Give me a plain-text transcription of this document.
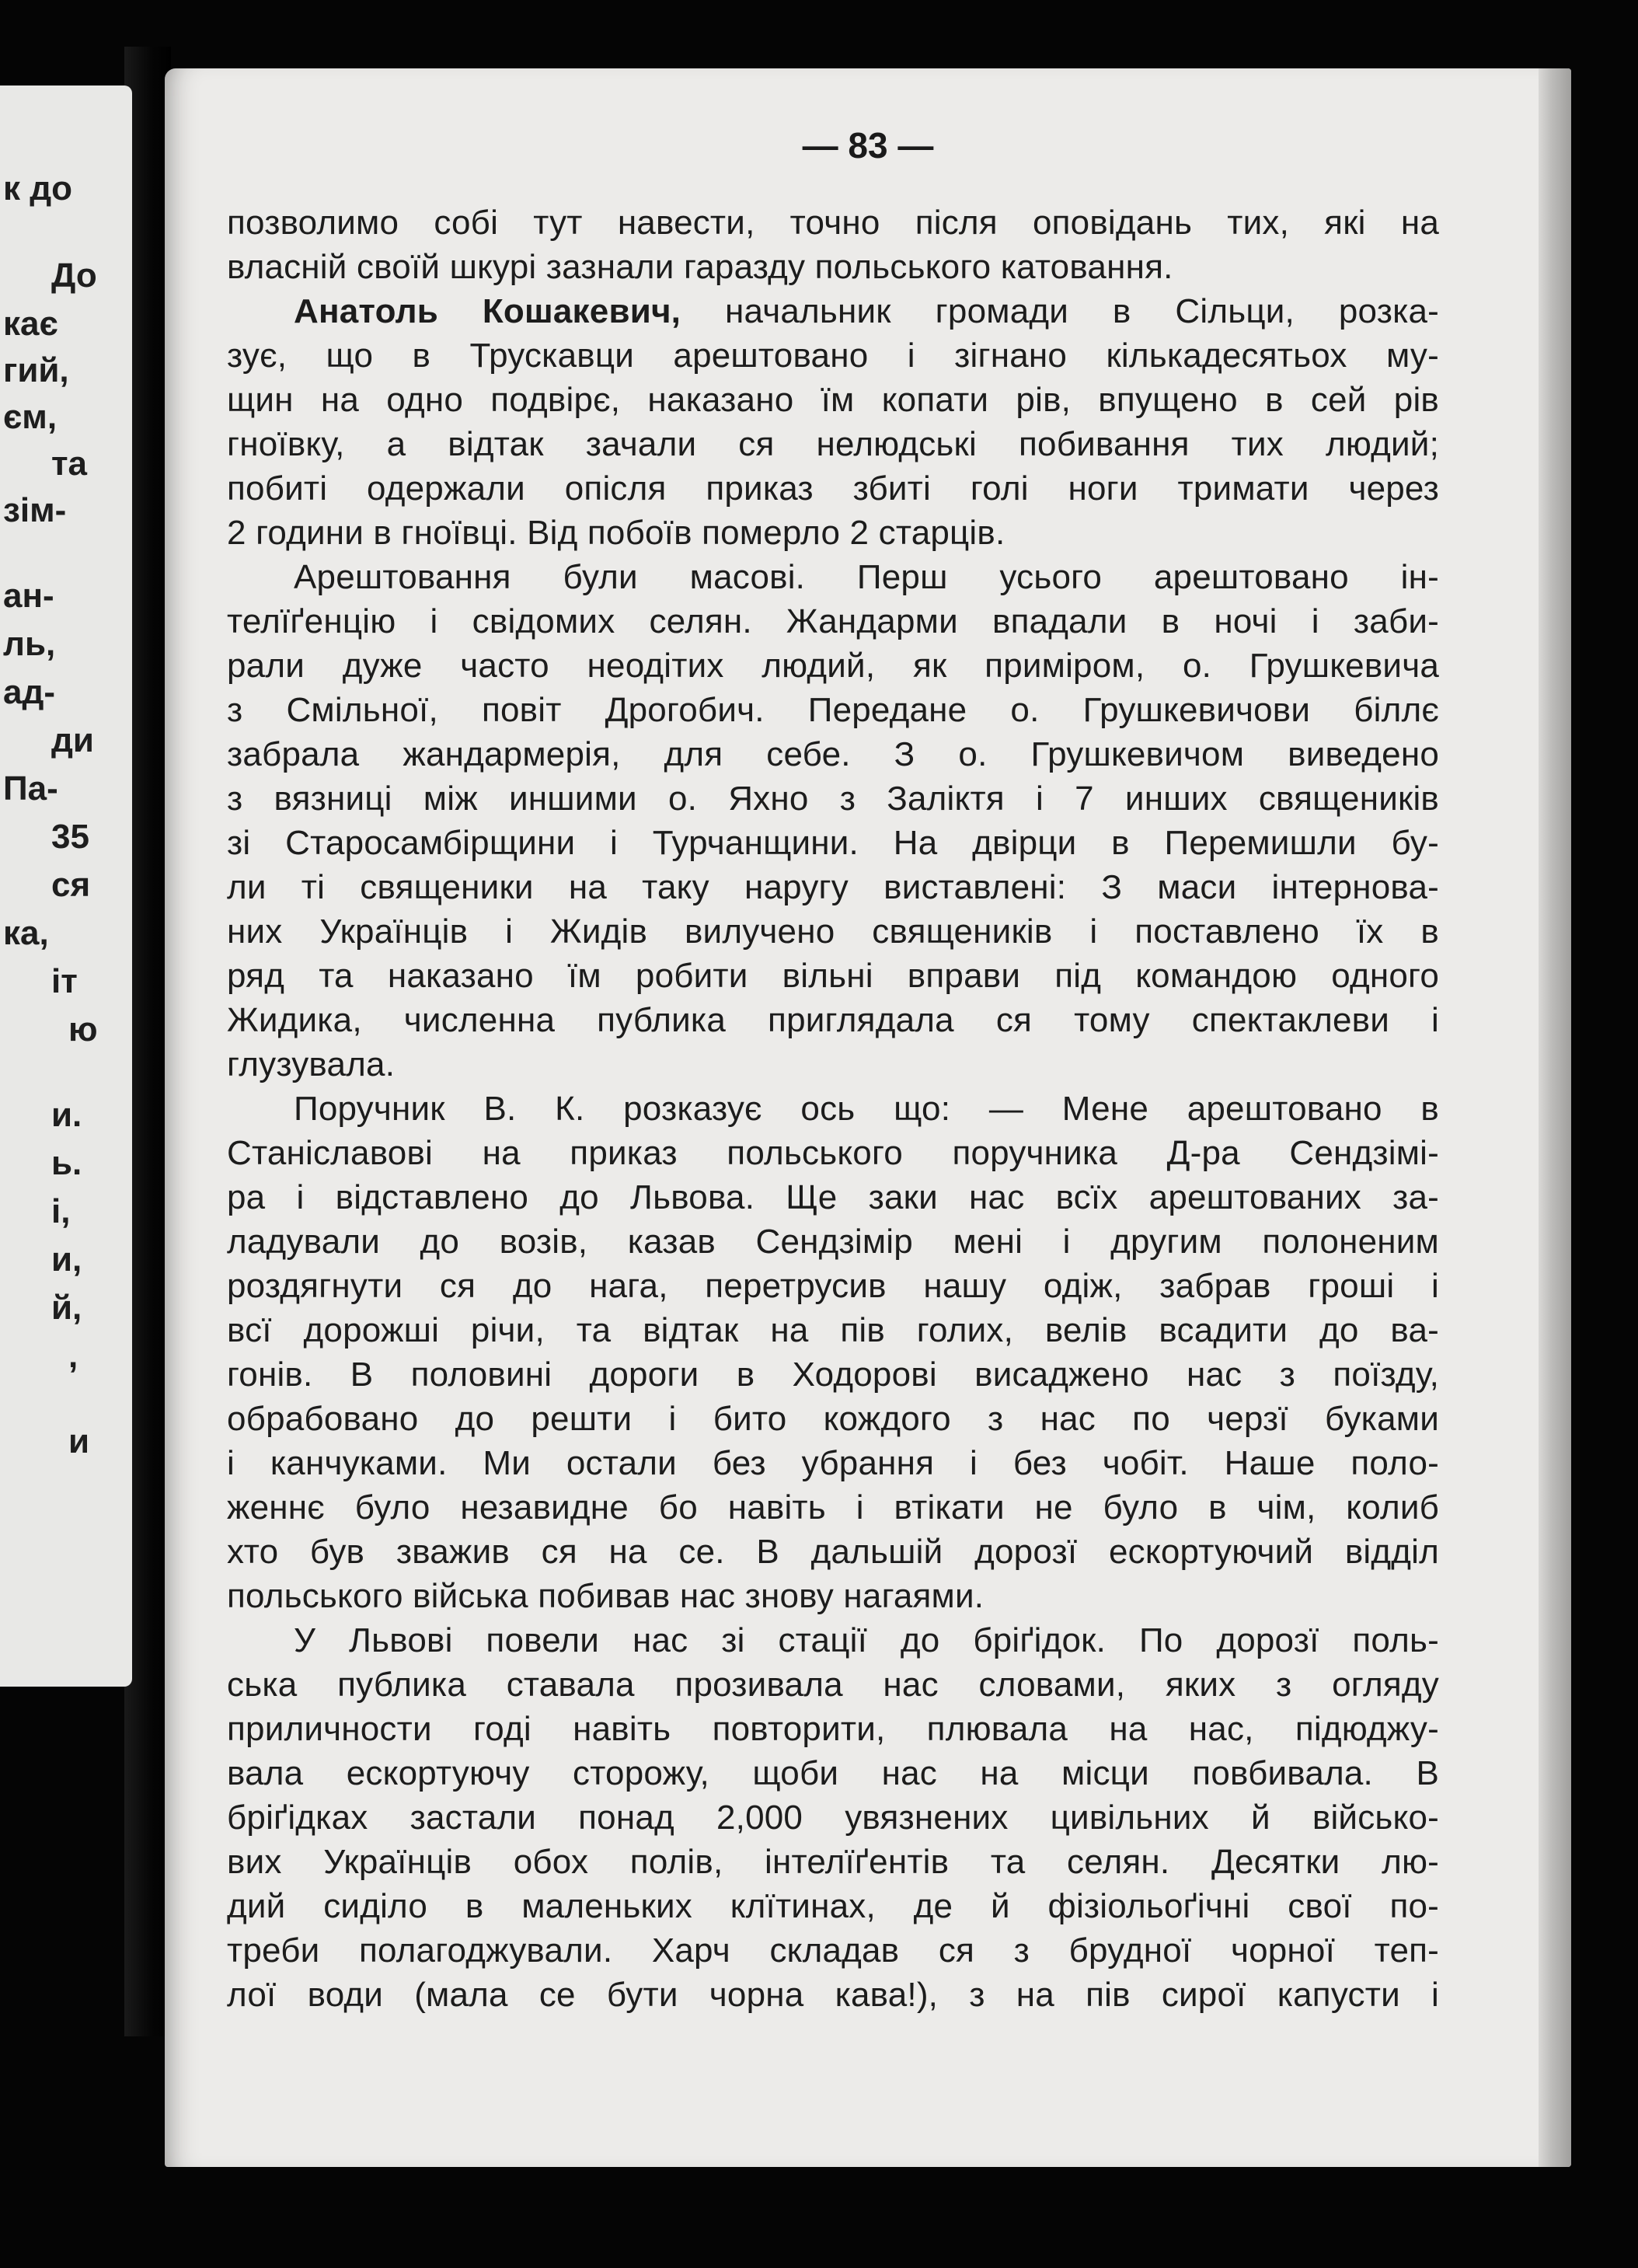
к до
До
кає
гий,
єм,
та
зім-
ан-
ль,
ад-
ди
Па-
35
ся
ка,
іт
ю
и.
ь.
і,
и,
й,
,
и
— 83 —
позволимо собі тут навести, точно після оповідань тих, які на
власній своїй шкурі зазнали гаразду польського катовання.
Анатоль Кошакевич, начальник громади в Сільци, розка-
зує, що в Трускавци арештовано і зігнано кількадесятьох му-
щин на одно подвірє, наказано їм копати рів, впущено в сей рів
гноївку, а відтак зачали ся нелюдські побивання тих людий;
побиті одержали опісля приказ збиті голі ноги тримати через
2 години в гноївці. Від побоїв померло 2 старців.
Арештовання були масові. Перш усього арештовано ін-
телїґенцію і свідомих селян. Жандарми впадали в ночі і заби-
рали дуже часто неодітих людий, як приміром, о. Грушкевича
з Смільної, повіт Дрогобич. Передане о. Грушкевичови біллє
забрала жандармерія, для себе. З о. Грушкевичом виведено
з вязниці між иншими о. Яхно з Заліктя і 7 инших священиків
зі Старосамбірщини і Турчанщини. На двірци в Перемишли бу-
ли ті священики на таку наругу виставлені: З маси інтернова-
них Українців і Жидів вилучено священиків і поставлено їх в
ряд та наказано їм робити вільні вправи під командою одного
Жидика, численна публика приглядала ся тому спектаклеви і
глузувала.
Поручник В. К. розказує ось що: — Мене арештовано в
Станіславові на приказ польського поручника Д-ра Сендзімі-
ра і відставлено до Львова. Ще заки нас всїх арештованих за-
ладували до возів, казав Сендзімір мені і другим полоненим
роздягнути ся до нага, перетрусив нашу одіж, забрав гроші і
всї дорожші річи, та відтак на пів голих, велів всадити до ва-
гонів. В половині дороги в Ходорові висаджено нас з поїзду,
обрабовано до решти і бито кождого з нас по черзї буками
і канчуками. Ми остали без убрання і без чобіт. Наше поло-
женнє було незавидне бо навіть і втікати не було в чім, колиб
хто був зважив ся на се. В дальшій дорозї ескортуючий відділ
польського війська побивав нас знову нагаями.
У Львові повели нас зі стації до бріґідок. По дорозї поль-
ська публика ставала прозивала нас словами, яких з огляду
приличности годі навіть повторити, плювала на нас, підюджу-
вала ескортуючу сторожу, щоби нас на місци повбивала. В
бріґідках застали понад 2,000 увязнених цивільних й військо-
вих Українців обох полів, інтелїґентів та селян. Десятки лю-
дий сиділо в маленьких клїтинах, де й фізіольоґічні свої по-
треби полагоджували. Харч складав ся з брудної чорної теп-
лої води (мала се бути чорна кава!), з на пів сирої капусти і
